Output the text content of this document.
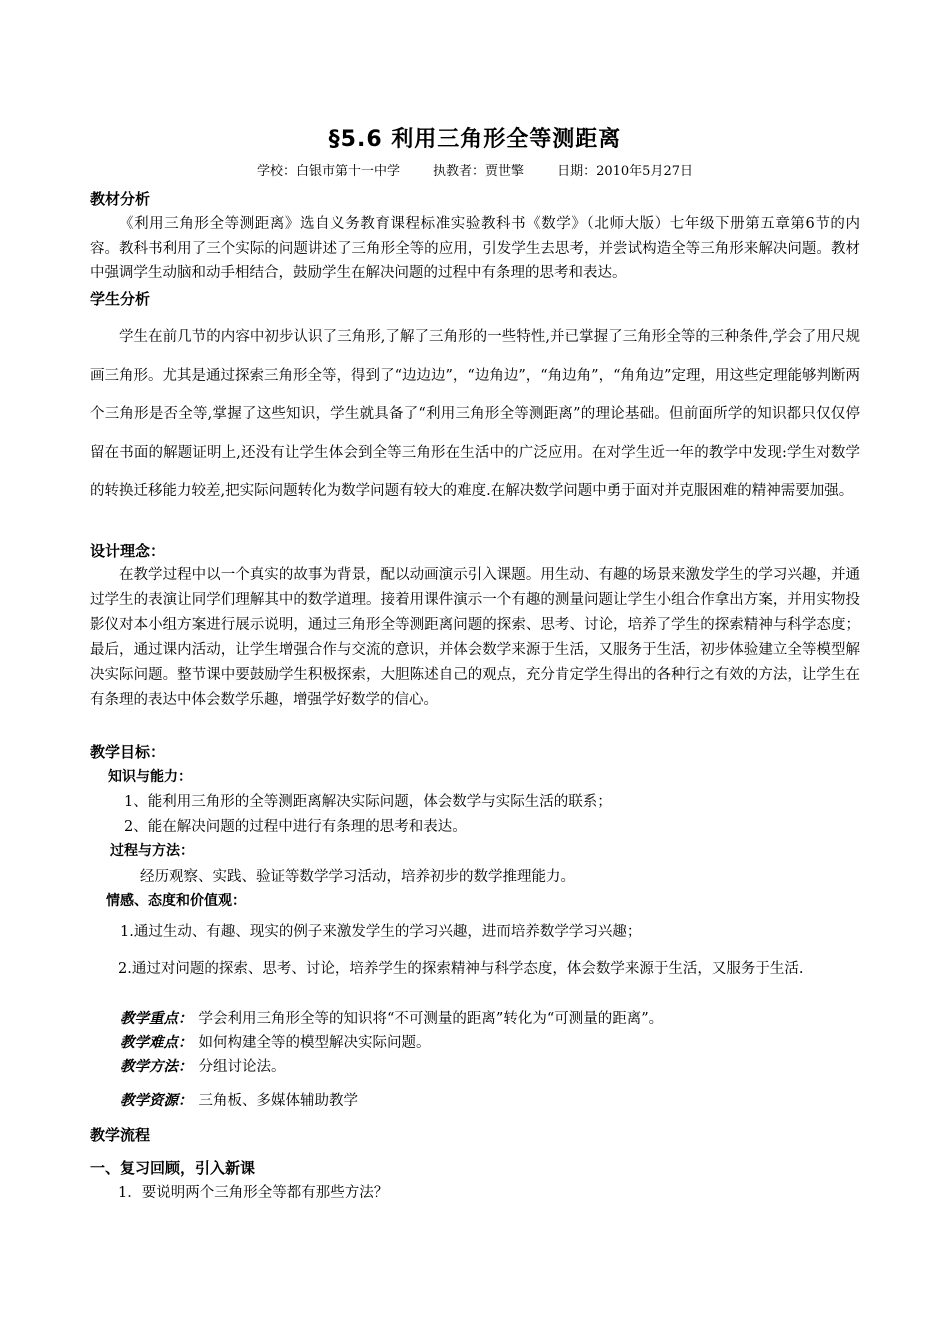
§5.6 利用三角形全等测距离
学校：白银市第十一中学        执教者：贾世擎        日期：2010年5月27日
教材分析
《利用三角形全等测距离》选自义务教育课程标准实验教科书《数学》（北师大版）七年级下册第五章第6节的内容。教科书利用了三个实际的问题讲述了三角形全等的应用，引发学生去思考，并尝试构造全等三角形来解决问题。教材中强调学生动脑和动手相结合，鼓励学生在解决问题的过程中有条理的思考和表达。
学生分析
学生在前几节的内容中初步认识了三角形,了解了三角形的一些特性,并已掌握了三角形全等的三种条件,学会了用尺规画三角形。尤其是通过探索三角形全等，得到了“边边边”，“边角边”，“角边角”，“角角边”定理，用这些定理能够判断两个三角形是否全等,掌握了这些知识，学生就具备了“利用三角形全等测距离”的理论基础。但前面所学的知识都只仅仅停留在书面的解题证明上,还没有让学生体会到全等三角形在生活中的广泛应用。在对学生近一年的教学中发现:学生对数学的转换迁移能力较差,把实际问题转化为数学问题有较大的难度.在解决数学问题中勇于面对并克服困难的精神需要加强。
设计理念：
在教学过程中以一个真实的故事为背景，配以动画演示引入课题。用生动、有趣的场景来激发学生的学习兴趣，并通过学生的表演让同学们理解其中的数学道理。接着用课件演示一个有趣的测量问题让学生小组合作拿出方案，并用实物投影仪对本小组方案进行展示说明，通过三角形全等测距离问题的探索、思考、讨论，培养了学生的探索精神与科学态度；最后，通过课内活动，让学生增强合作与交流的意识，并体会数学来源于生活，又服务于生活，初步体验建立全等模型解决实际问题。整节课中要鼓励学生积极探索，大胆陈述自己的观点，充分肯定学生得出的各种行之有效的方法，让学生在有条理的表达中体会数学乐趣，增强学好数学的信心。
教学目标：
知识与能力：
1、能利用三角形的全等测距离解决实际问题，体会数学与实际生活的联系；
2、能在解决问题的过程中进行有条理的思考和表达。
过程与方法：
经历观察、实践、验证等数学学习活动，培养初步的数学推理能力。
情感、态度和价值观：
1.通过生动、有趣、现实的例子来激发学生的学习兴趣，进而培养数学学习兴趣；
2.通过对问题的探索、思考、讨论，培养学生的探索精神与科学态度，体会数学来源于生活，又服务于生活.
教学重点： 学会利用三角形全等的知识将“不可测量的距离”转化为“可测量的距离”。
教学难点： 如何构建全等的模型解决实际问题。
教学方法： 分组讨论法。
教学资源： 三角板、多媒体辅助教学
教学流程
一、复习回顾，引入新课
1．要说明两个三角形全等都有那些方法？
